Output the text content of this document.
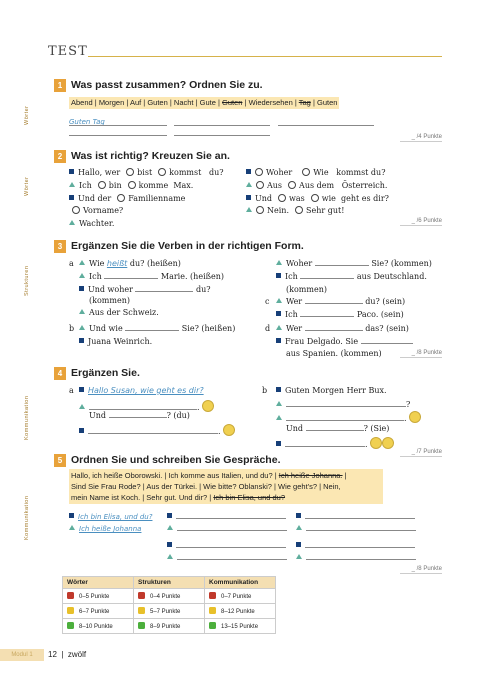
TEST
1 Was passt zusammen? Ordnen Sie zu.
Wörter
Abend | Morgen | Auf | Guten | Nacht | Gute | Guten | Wiedersehen | Tag | Guten
Guten Tag
_ /4 Punkte
2 Was ist richtig? Kreuzen Sie an.
Wörter
Hallo, wer bist kommst du?
Ich bin komme Max.
Und der Familienname
Vorname?
Wachter.
Woher	Wie kommst du?
Aus Aus dem Österreich.
Und was wie geht es dir?
Nein. Sehr gut!
_ /6 Punkte
3 Ergänzen Sie die Verben in der richtigen Form.
Strukturen
a	Wie heißt du? (heißen)
Ich	Marie. (heißen)
Und woher	du?
(kommen)
Aus der Schweiz.
b	Und wie	Sie? (heißen)
Juana Weinrich.
Woher	Sie? (kommen)
Ich	aus Deutschland.
(kommen)
c	Wer	du? (sein)
Ich	Paco. (sein)
d	Wer	das? (sein)
Frau Delgado. Sie
aus Spanien. (kommen)	_ /8 Punkte
4 Ergänzen Sie.
Kommunikation
a	Hallo Susan, wie geht es dir?
.
Und	? (du)
.
b	Guten Morgen Herr Bux.
?
.
Und	? (Sie)
.
_ /7 Punkte
5 Ordnen Sie und schreiben Sie Gespräche.
Kommunikation
Hallo, ich heiße Oborowski. | Ich komme aus Italien, und du? | Ich heiße Johanna. |
Sind Sie Frau Rode? | Aus der Türkei. | Wie bitte? Oblanski? | Wie geht's? | Nein,
mein Name ist Koch. | Sehr gut. Und dir? | Ich bin Elisa, und du?
Ich bin Elisa, und du?
Ich heiße Johanna
_ /8 Punkte
Wörter	Strukturen	Kommunikation
0–5 Punkte	0–4 Punkte	0–7 Punkte
6–7 Punkte	5–7 Punkte	8–12 Punkte
8–10 Punkte	8–9 Punkte	13–15 Punkte
Modul 1	12  |  zwölf
